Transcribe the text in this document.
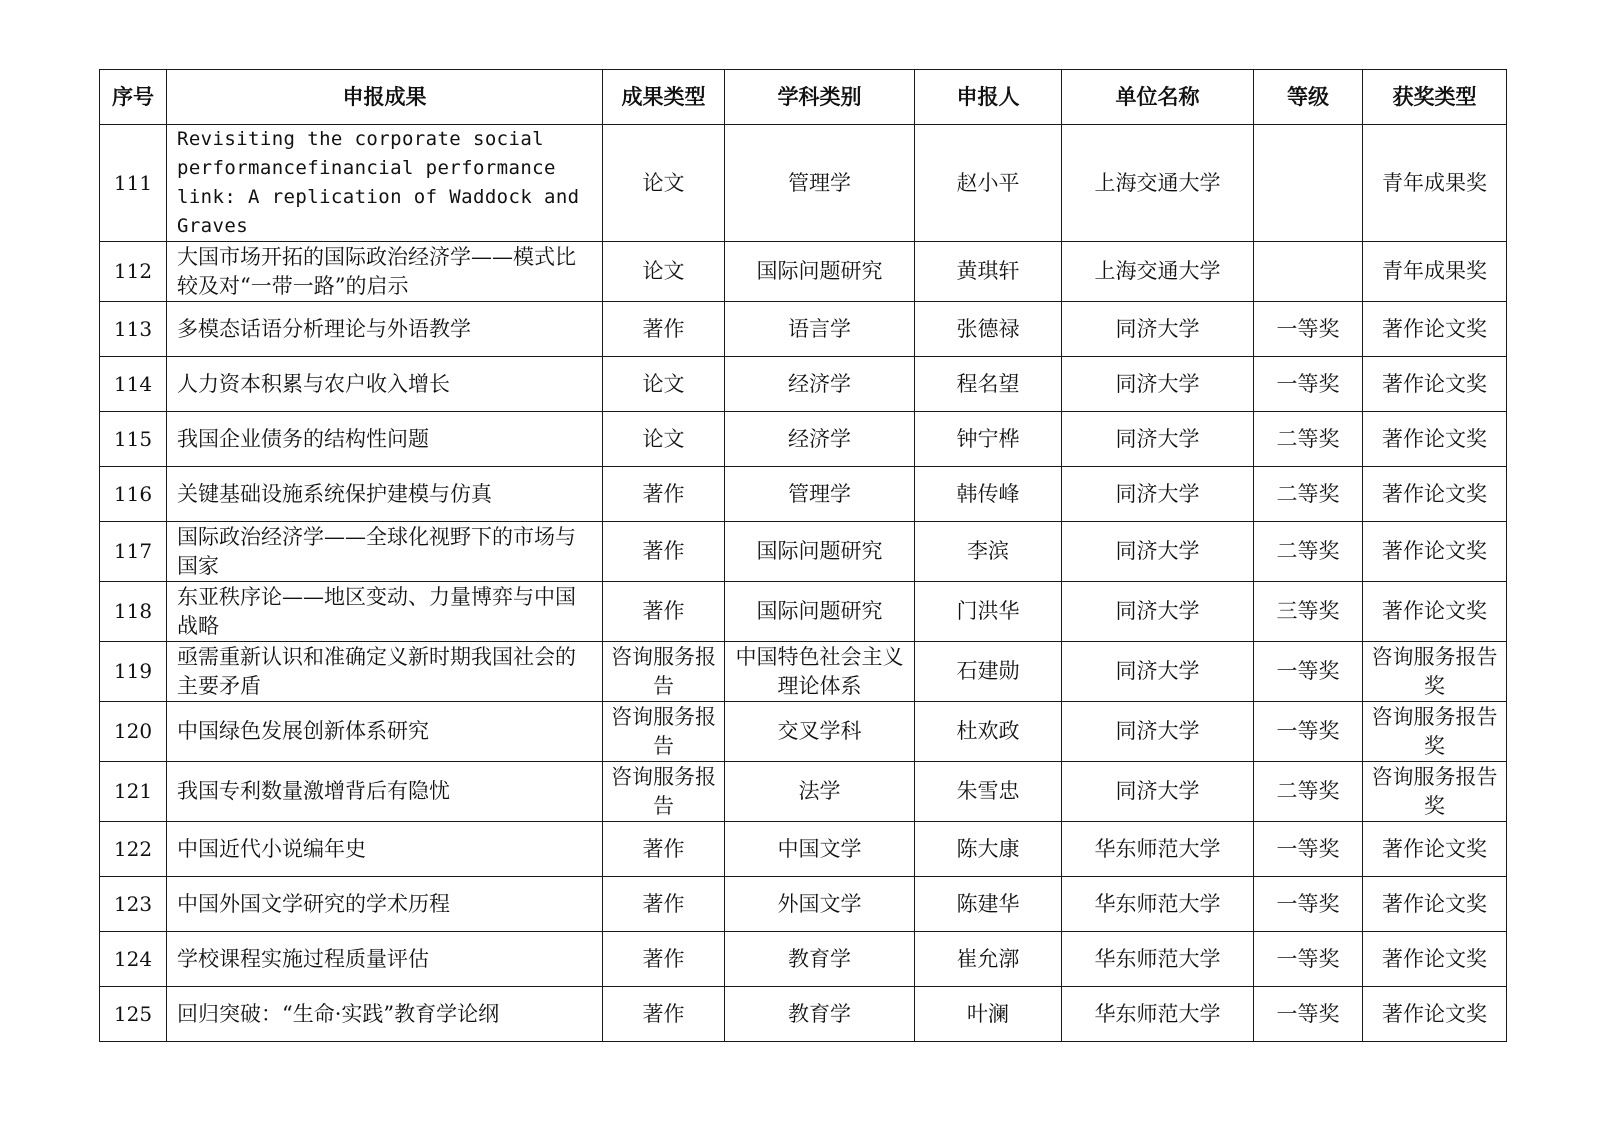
序号	申报成果	成果类型	学科类别	申报人	单位名称	等级	获奖类型
111	Revisiting the corporate social performancefinancial performance link: A replication of Waddock and Graves	论文	管理学	赵小平	上海交通大学		青年成果奖
112	大国市场开拓的国际政治经济学——模式比较及对“一带一路”的启示	论文	国际问题研究	黄琪轩	上海交通大学		青年成果奖
113	多模态话语分析理论与外语教学	著作	语言学	张德禄	同济大学	一等奖	著作论文奖
114	人力资本积累与农户收入增长	论文	经济学	程名望	同济大学	一等奖	著作论文奖
115	我国企业债务的结构性问题	论文	经济学	钟宁桦	同济大学	二等奖	著作论文奖
116	关键基础设施系统保护建模与仿真	著作	管理学	韩传峰	同济大学	二等奖	著作论文奖
117	国际政治经济学——全球化视野下的市场与国家	著作	国际问题研究	李滨	同济大学	二等奖	著作论文奖
118	东亚秩序论——地区变动、力量博弈与中国战略	著作	国际问题研究	门洪华	同济大学	三等奖	著作论文奖
119	亟需重新认识和准确定义新时期我国社会的主要矛盾	咨询服务报告	中国特色社会主义理论体系	石建勋	同济大学	一等奖	咨询服务报告奖
120	中国绿色发展创新体系研究	咨询服务报告	交叉学科	杜欢政	同济大学	一等奖	咨询服务报告奖
121	我国专利数量激增背后有隐忧	咨询服务报告	法学	朱雪忠	同济大学	二等奖	咨询服务报告奖
122	中国近代小说编年史	著作	中国文学	陈大康	华东师范大学	一等奖	著作论文奖
123	中国外国文学研究的学术历程	著作	外国文学	陈建华	华东师范大学	一等奖	著作论文奖
124	学校课程实施过程质量评估	著作	教育学	崔允漷	华东师范大学	一等奖	著作论文奖
125	回归突破：“生命·实践”教育学论纲	著作	教育学	叶澜	华东师范大学	一等奖	著作论文奖
